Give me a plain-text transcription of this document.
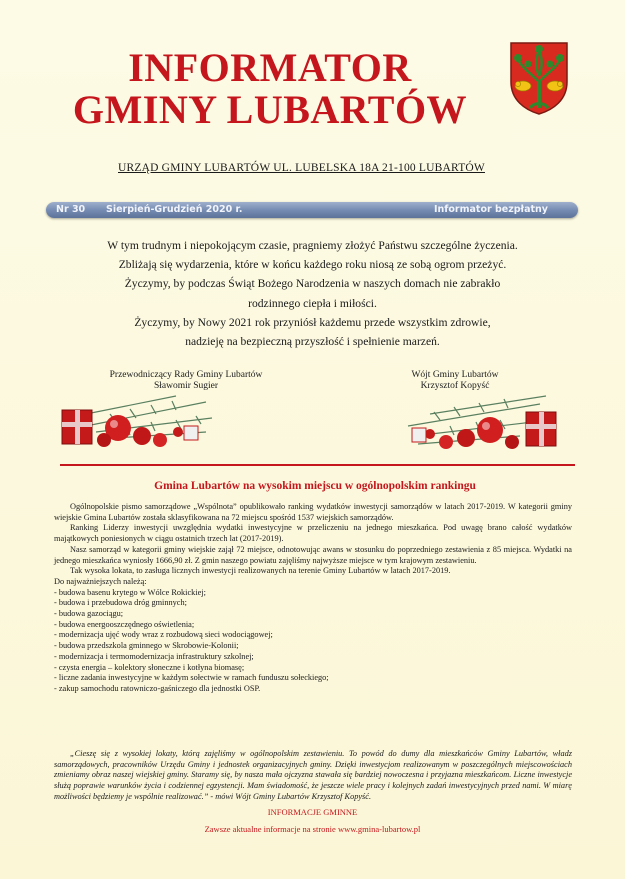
INFORMATOR
GMINY LUBARTÓW
URZĄD GMINY LUBARTÓW UL. LUBELSKA 18A 21-100 LUBARTÓW
Nr 30 Sierpień-Grudzień 2020 r.	Informator bezpłatny
W tym trudnym i niepokojącym czasie, pragniemy złożyć Państwu szczególne życzenia.
Zbliżają się wydarzenia, które w końcu każdego roku niosą ze sobą ogrom przeżyć.
Życzymy, by podczas Świąt Bożego Narodzenia w naszych domach nie zabrakło
rodzinnego ciepła i miłości.
Życzymy, by Nowy 2021 rok przyniósł każdemu przede wszystkim zdrowie,
nadzieję na bezpieczną przyszłość i spełnienie marzeń.
Przewodniczący Rady Gminy Lubartów
Sławomir Sugier
Wójt Gminy Lubartów
Krzysztof Kopyść
Gmina Lubartów na wysokim miejscu w ogólnopolskim rankingu

Ogólnopolskie pismo samorządowe „Wspólnota” opublikowało ranking wydatków inwestycji samorządów w latach 2017-2019. W kategorii gminy wiejskie Gmina Lubartów została sklasyfikowana na 72 miejscu spośród 1537 wiejskich samorządów.

Ranking Liderzy inwestycji uwzględnia wydatki inwestycyjne w przeliczeniu na jednego mieszkańca. Pod uwagę brano całość wydatków majątkowych poniesionych w ciągu ostatnich trzech lat (2017-2019).

Nasz samorząd w kategorii gminy wiejskie zajął 72 miejsce, odnotowując awans w stosunku do poprzedniego zestawienia z 85 miejsca. Wydatki na jednego mieszkańca wyniosły 1666,90 zł. Z gmin naszego powiatu zajęliśmy najwyższe miejsce w tym krajowym zestawieniu.

Tak wysoka lokata, to zasługa licznych inwestycji realizowanych na terenie Gminy Lubartów w latach 2017-2019.

Do najważniejszych należą:
- budowa basenu krytego w Wólce Rokickiej;
- budowa i przebudowa dróg gminnych;
- budowa gazociągu;
- budowa energooszczędnego oświetlenia;
- modernizacja ujęć wody wraz z rozbudową sieci wodociągowej;
- budowa przedszkola gminnego w Skrobowie-Kolonii;
- modernizacja i termomodernizacja infrastruktury szkolnej;
- czysta energia – kolektory słoneczne i kotłyna biomasę;
- liczne zadania inwestycyjne w każdym sołectwie w ramach funduszu sołeckiego;
- zakup samochodu ratowniczo-gaśniczego dla jednostki OSP.
„Cieszę się z wysokiej lokaty, którą zajęliśmy w ogólnopolskim zestawieniu. To powód do dumy dla mieszkańców Gminy Lubartów, władz samorządowych, pracowników Urzędu Gminy i jednostek organizacyjnych gminy. Dzięki inwestycjom realizowanym w poszczególnych miejscowościach zmieniamy obraz naszej wiejskiej gminy. Staramy się, by nasza mała ojczyzna stawała się bardziej nowoczesna i przyjazna mieszkańcom. Liczne inwestycje służą poprawie warunków życia i codziennej egzystencji. Mam świadomość, że jeszcze wiele pracy i kolejnych zadań inwestycyjnych przed nami. W miarę możliwości będziemy je wspólnie realizować.” - mówi Wójt Gminy Lubartów Krzysztof Kopyść.
INFORMACJE GMINNE
Zawsze aktualne informacje na stronie www.gmina-lubartow.pl
